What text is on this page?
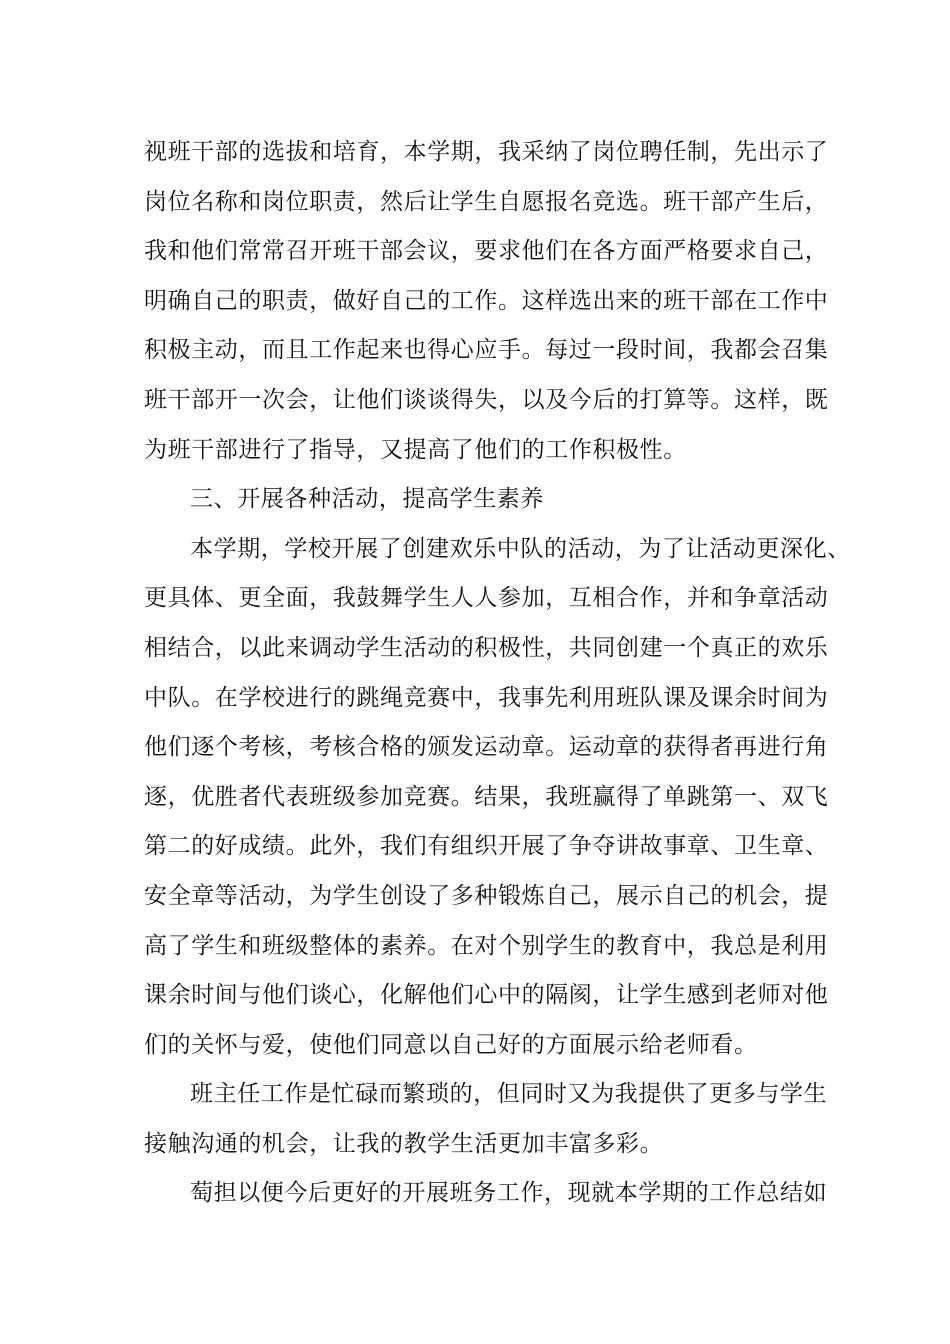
视班干部的选拔和培育，本学期，我采纳了岗位聘任制，先出示了
岗位名称和岗位职责，然后让学生自愿报名竞选。班干部产生后，
我和他们常常召开班干部会议，要求他们在各方面严格要求自己，
明确自己的职责，做好自己的工作。这样选出来的班干部在工作中
积极主动，而且工作起来也得心应手。每过一段时间，我都会召集
班干部开一次会，让他们谈谈得失，以及今后的打算等。这样，既
为班干部进行了指导，又提高了他们的工作积极性。
三、开展各种活动，提高学生素养
本学期，学校开展了创建欢乐中队的活动，为了让活动更深化、
更具体、更全面，我鼓舞学生人人参加，互相合作，并和争章活动
相结合，以此来调动学生活动的积极性，共同创建一个真正的欢乐
中队。在学校进行的跳绳竞赛中，我事先利用班队课及课余时间为
他们逐个考核，考核合格的颁发运动章。运动章的获得者再进行角
逐，优胜者代表班级参加竞赛。结果，我班赢得了单跳第一、双飞
第二的好成绩。此外，我们有组织开展了争夺讲故事章、卫生章、
安全章等活动，为学生创设了多种锻炼自己，展示自己的机会，提
高了学生和班级整体的素养。在对个别学生的教育中，我总是利用
课余时间与他们谈心，化解他们心中的隔阂，让学生感到老师对他
们的关怀与爱，使他们同意以自己好的方面展示给老师看。
班主任工作是忙碌而繁琐的，但同时又为我提供了更多与学生
接触沟通的机会，让我的教学生活更加丰富多彩。
萄担以便今后更好的开展班务工作，现就本学期的工作总结如
